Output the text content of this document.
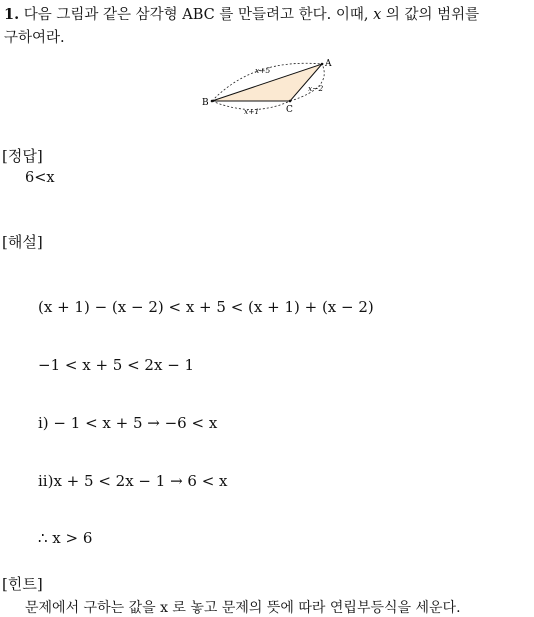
1. 다음 그림과 같은 삼각형 ABC 를 만들려고 한다. 이때, x 의 값의 범위를
구하여라.
A
B
C
x+5
x−2
x+1
[정답]
6<x
[해설]
(x + 1) − (x − 2) < x + 5 < (x + 1) + (x − 2)
−1 < x + 5 < 2x − 1
i) − 1 < x + 5 → −6 < x
ii)x + 5 < 2x − 1 → 6 < x
∴ x > 6
[힌트]
문제에서 구하는 값을 x 로 놓고 문제의 뜻에 따라 연립부등식을 세운다.
